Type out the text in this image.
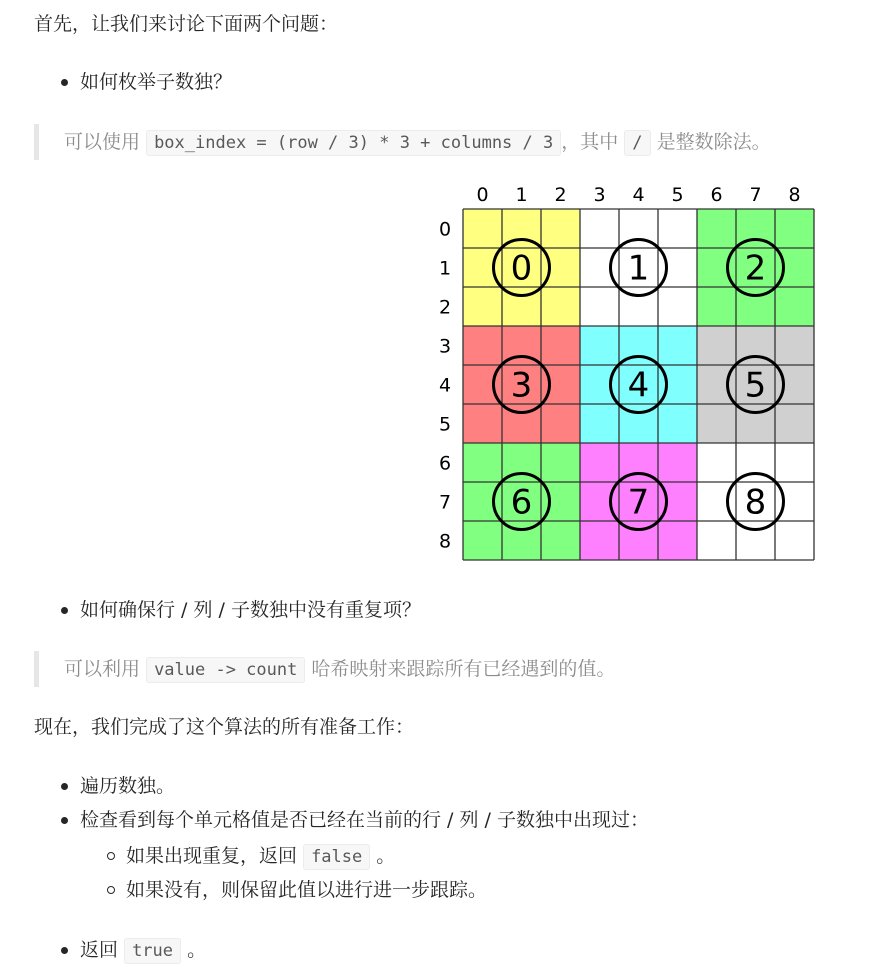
首先，让我们来讨论下面两个问题：
如何枚举子数独？
可以使用 box_index = (row / 3) * 3 + columns / 3 ，其中 / 是整数除法。
0 1 2 3 4 5 6 7 8
0
1
2
3
4
5
6
7
8
0	1	2
3	4	5
6	7	8
如何确保行 / 列 / 子数独中没有重复项？
可以利用 value -> count 哈希映射来跟踪所有已经遇到的值。
现在，我们完成了这个算法的所有准备工作：
遍历数独。
检查看到每个单元格值是否已经在当前的行 / 列 / 子数独中出现过：
如果出现重复，返回 false 。
如果没有，则保留此值以进行进一步跟踪。
返回 true 。
